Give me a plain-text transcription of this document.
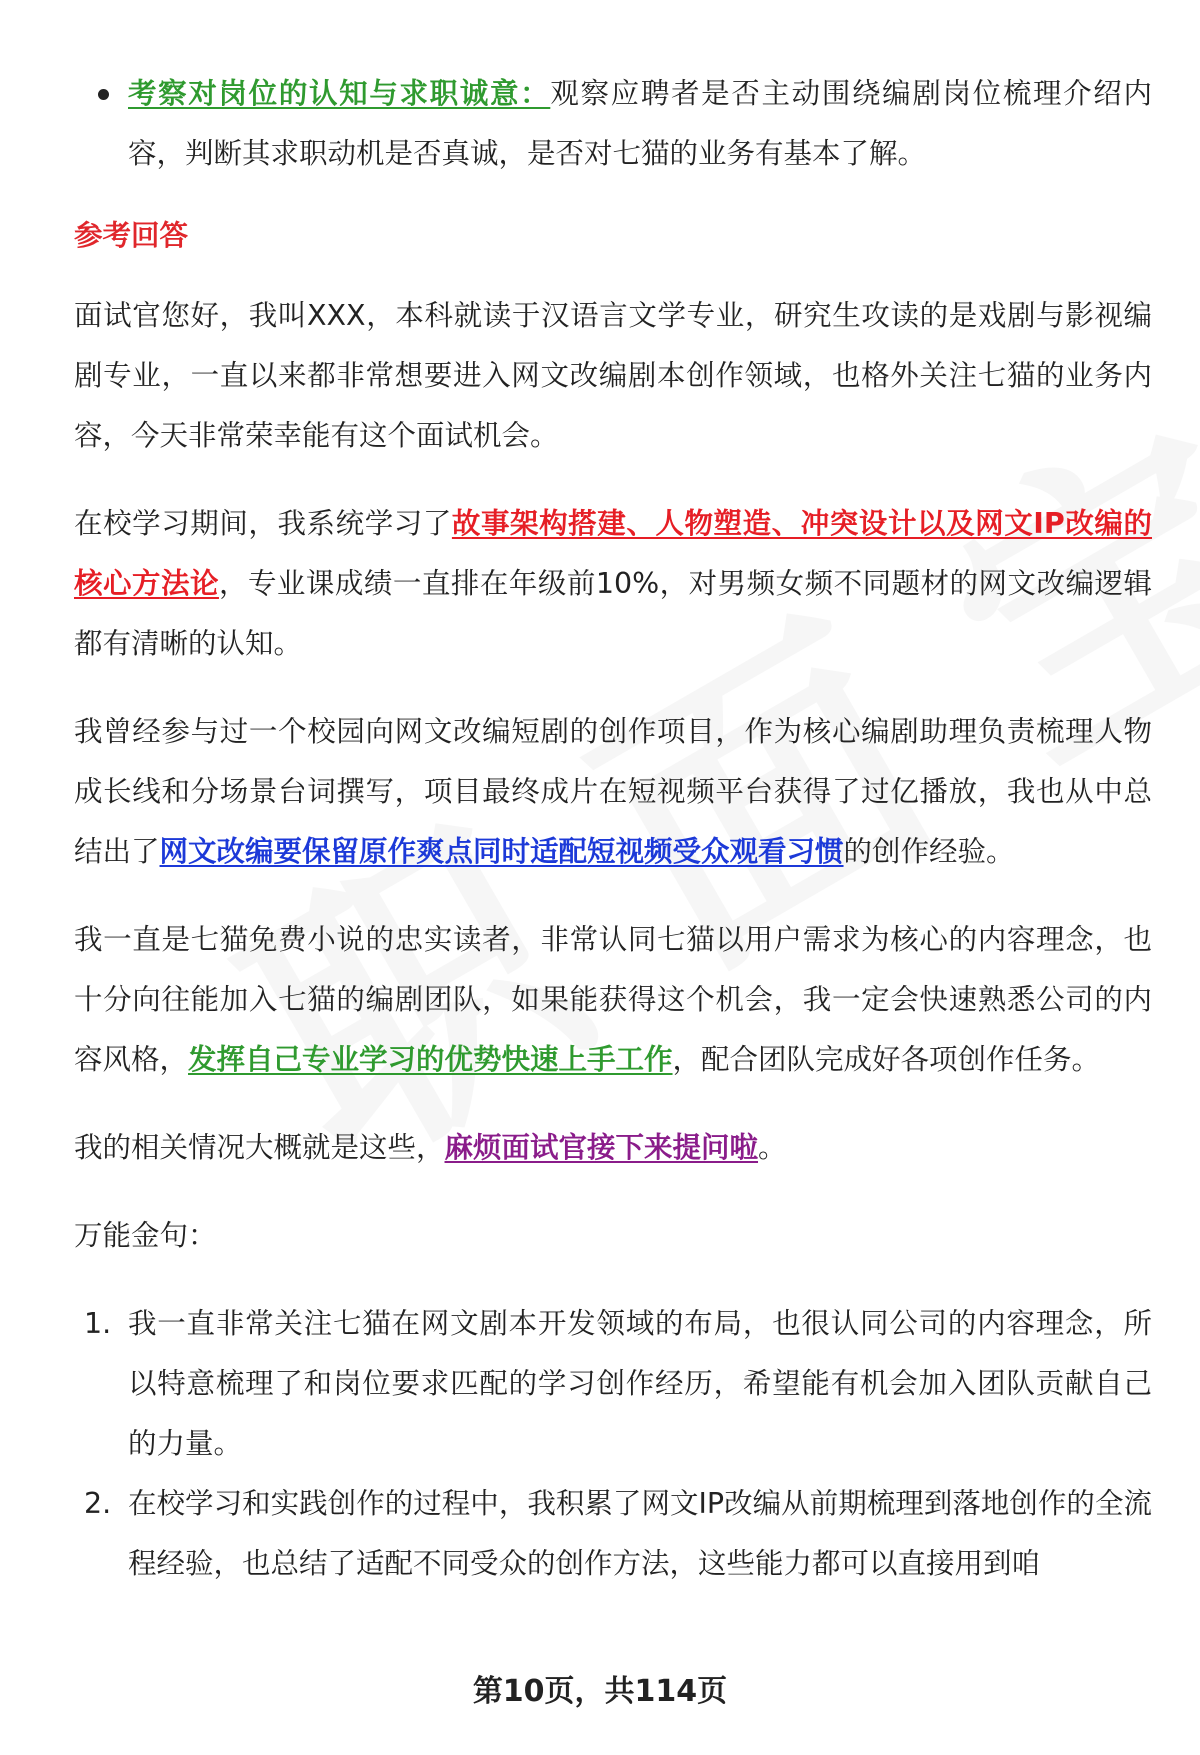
考察对岗位的认知与求职诚意：观察应聘者是否主动围绕编剧岗位梳理介绍内容，判断其求职动机是否真诚，是否对七猫的业务有基本了解。
参考回答

面试官您好，我叫XXX，本科就读于汉语言文学专业，研究生攻读的是戏剧与影视编剧专业，一直以来都非常想要进入网文改编剧本创作领域，也格外关注七猫的业务内容，今天非常荣幸能有这个面试机会。

在校学习期间，我系统学习了故事架构搭建、人物塑造、冲突设计以及网文IP改编的核心方法论，专业课成绩一直排在年级前10%，对男频女频不同题材的网文改编逻辑都有清晰的认知。

我曾经参与过一个校园向网文改编短剧的创作项目，作为核心编剧助理负责梳理人物成长线和分场景台词撰写，项目最终成片在短视频平台获得了过亿播放，我也从中总结出了网文改编要保留原作爽点同时适配短视频受众观看习惯的创作经验。

我一直是七猫免费小说的忠实读者，非常认同七猫以用户需求为核心的内容理念，也十分向往能加入七猫的编剧团队，如果能获得这个机会，我一定会快速熟悉公司的内容风格，发挥自己专业学习的优势快速上手工作，配合团队完成好各项创作任务。

我的相关情况大概就是这些，麻烦面试官接下来提问啦。

万能金句：

1. 我一直非常关注七猫在网文剧本开发领域的布局，也很认同公司的内容理念，所以特意梳理了和岗位要求匹配的学习创作经历，希望能有机会加入团队贡献自己的力量。
2. 在校学习和实践创作的过程中，我积累了网文IP改编从前期梳理到落地创作的全流程经验，也总结了适配不同受众的创作方法，这些能力都可以直接用到咱
第10页，共114页
